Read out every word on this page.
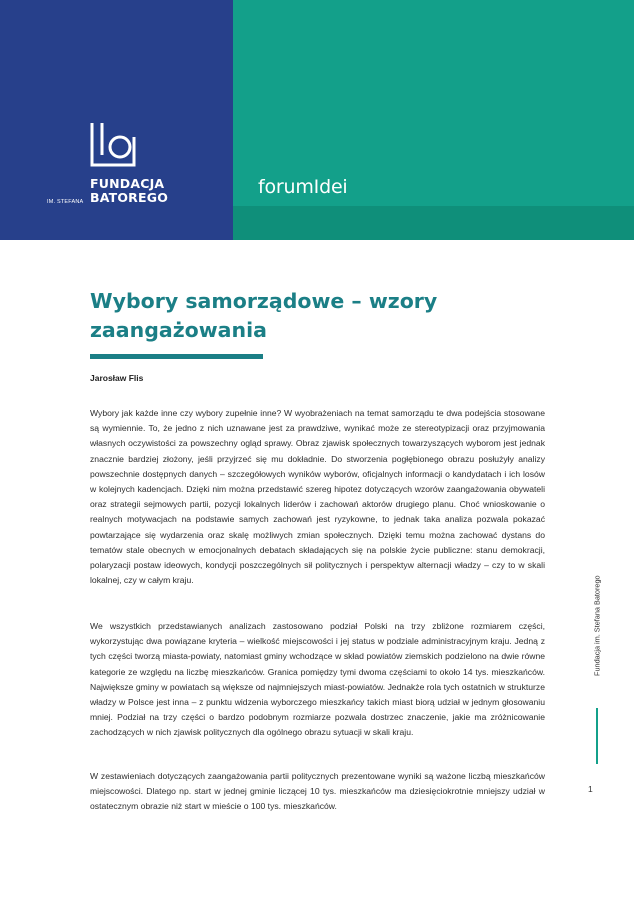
FUNDACJA
BATOREGO
IM. STEFANA
forumIdei
Wybory samorządowe – wzory zaangażowania
Jarosław Flis

Wybory jak każde inne czy wybory zupełnie inne? W wyobrażeniach na temat samorządu te dwa podejścia stosowane są wymiennie. To, że jedno z nich uznawane jest za prawdziwe, wynikać może ze stereotypizacji oraz przyjmowania własnych oczywistości za powszechny ogląd sprawy. Obraz zjawisk społecznych towarzyszących wyborom jest jednak znacznie bardziej złożony, jeśli przyjrzeć się mu dokładnie. Do stworzenia pogłębionego obrazu posłużyły analizy powszechnie dostępnych danych – szczegółowych wyników wyborów, oficjalnych informacji o kandydatach i ich losów w kolejnych kadencjach. Dzięki nim można przedstawić szereg hipotez dotyczących wzorów zaangażowania obywateli oraz strategii sejmowych partii, pozycji lokalnych liderów i zachowań aktorów drugiego planu. Choć wnioskowanie o realnych motywacjach na podstawie samych zachowań jest ryzykowne, to jednak taka analiza pozwala pokazać powtarzające się wydarzenia oraz skalę możliwych zmian społecznych. Dzięki temu można zachować dystans do tematów stale obecnych w emocjonalnych debatach składających się na polskie życie publiczne: stanu demokracji, polaryzacji postaw ideowych, kondycji poszczególnych sił politycznych i perspektyw alternacji władzy – czy to w skali lokalnej, czy w całym kraju.

We wszystkich przedstawianych analizach zastosowano podział Polski na trzy zbliżone rozmiarem części, wykorzystując dwa powiązane kryteria – wielkość miejscowości i jej status w podziale administracyjnym kraju. Jedną z tych części tworzą miasta-powiaty, natomiast gminy wchodzące w skład powiatów ziemskich podzielono na dwie równe kategorie ze względu na liczbę mieszkańców. Granica pomiędzy tymi dwoma częściami to około 14 tys. mieszkańców. Największe gminy w powiatach są większe od najmniejszych miast-powiatów. Jednakże rola tych ostatnich w strukturze władzy w Polsce jest inna – z punktu widzenia wyborczego mieszkańcy takich miast biorą udział w jednym głosowaniu mniej. Podział na trzy części o bardzo podobnym rozmiarze pozwala dostrzec znaczenie, jakie ma zróżnicowanie zachodzących w nich zjawisk politycznych dla ogólnego obrazu sytuacji w skali kraju.

W zestawieniach dotyczących zaangażowania partii politycznych prezentowane wyniki są ważone liczbą mieszkańców miejscowości. Dlatego np. start w jednej gminie liczącej 10 tys. mieszkańców ma dziesięciokrotnie mniejszy udział w ostatecznym obrazie niż start w mieście o 100 tys. mieszkańców.

Fundacja im. Stefana Batorego
1
